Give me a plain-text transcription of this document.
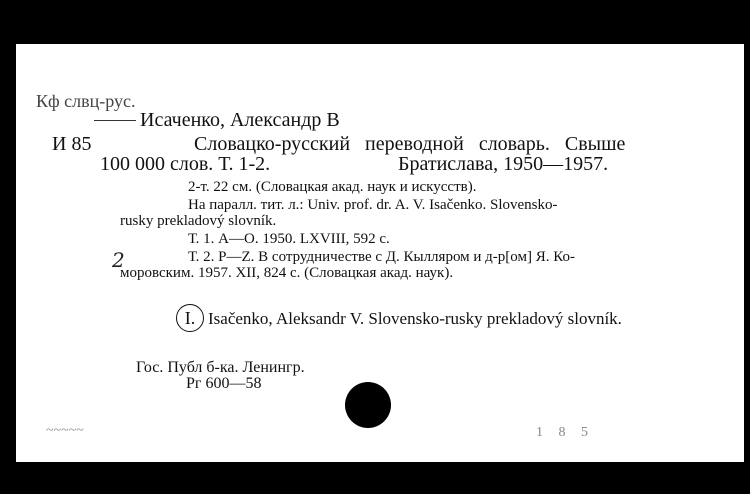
Кф слвц-рус.
Исаченко, Александр В
И 85	Словацко-русский переводной словарь. Свыше
100 000 слов. Т. 1-2.	Братислава, 1950—1957.
2-т. 22 см. (Словацкая акад. наук и искусств).
На паралл. тит. л.: Univ. prof. dr. A. V. Isačenko. Slovensko-
rusky prekladový slovník.
Т. 1. А—О. 1950. LXVIII, 592 с.
2	Т. 2. P—Z. В сотрудничестве с Д. Кылляром и д-р[ом] Я. Ко-
моровским. 1957. XII, 824 с. (Словацкая акад. наук).
I. Isačenko, Aleksandr V. Slovensko-rusky prekladový slovník.
Гос. Публ б-ка. Ленингр.
Рг 600—58
~~~~~	1 8 5
